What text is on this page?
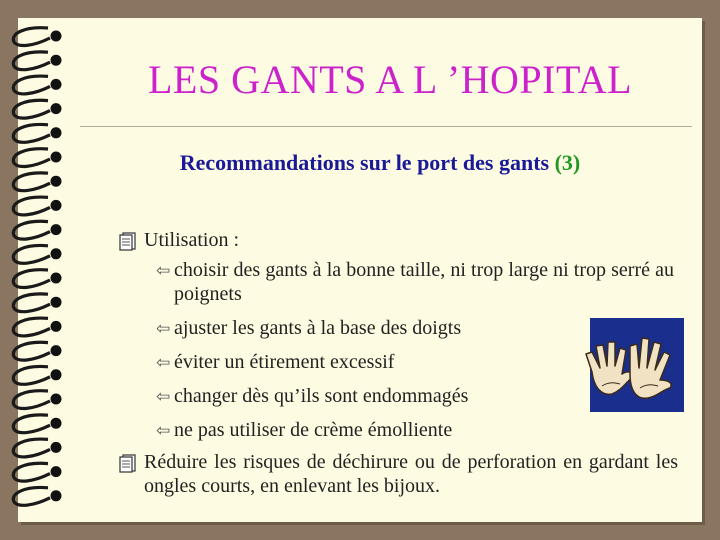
LES GANTS A L ’HOPITAL
Recommandations sur le port des gants (3)
Utilisation :
⇦ choisir des gants à la bonne taille, ni trop large ni trop serré au poignets
⇦ ajuster les gants à la base des doigts
⇦ éviter un étirement excessif
⇦ changer dès qu’ils sont endommagés
⇦ ne pas utiliser de crème émolliente
Réduire les risques de déchirure ou de perforation en gardant les ongles courts, en enlevant les bijoux.
